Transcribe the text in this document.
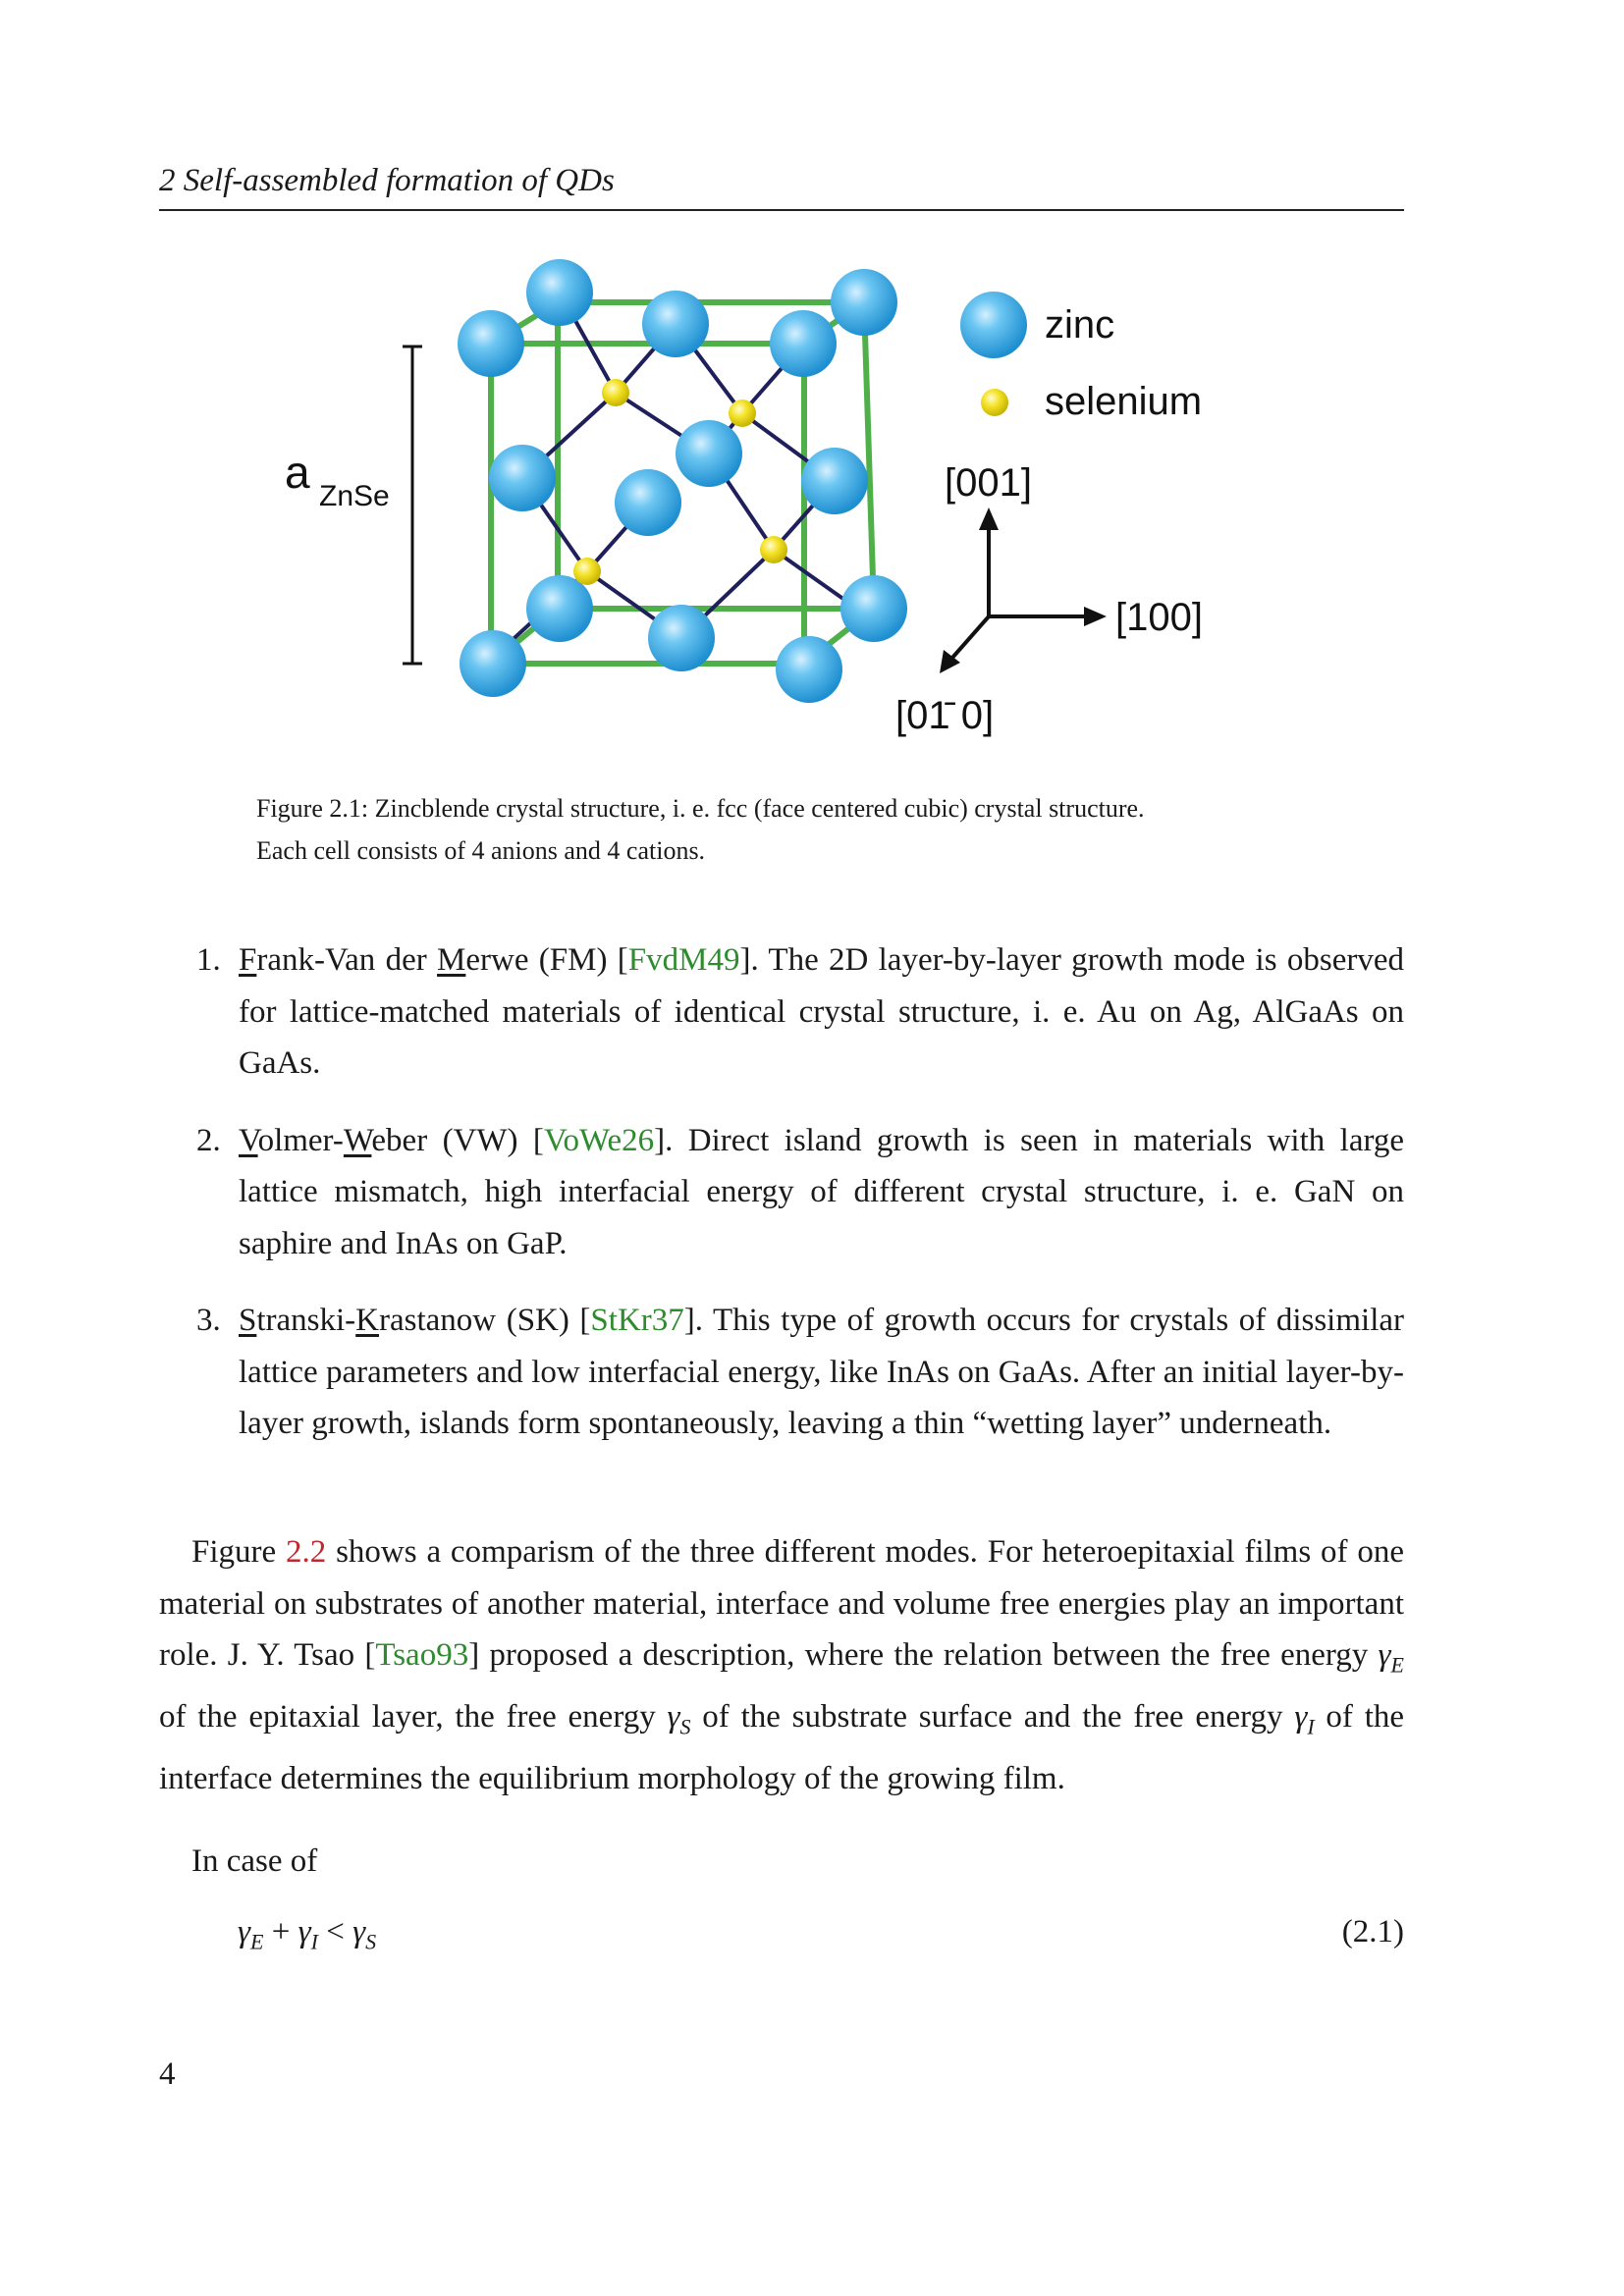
2 Self-assembled formation of QDs
a ZnSe
zinc
selenium
[001]
[100]
[01̄ 0]
Figure 2.1: Zincblende crystal structure, i. e. fcc (face centered cubic) crystal structure.
Each cell consists of 4 anions and 4 cations.
1. Frank-Van der Merwe (FM) [FvdM49]. The 2D layer-by-layer growth mode is observed for lattice-matched materials of identical crystal structure, i. e. Au on Ag, AlGaAs on GaAs.
2. Volmer-Weber (VW) [VoWe26]. Direct island growth is seen in materials with large lattice mismatch, high interfacial energy of different crystal structure, i. e. GaN on saphire and InAs on GaP.
3. Stranski-Krastanow (SK) [StKr37]. This type of growth occurs for crystals of dissimilar lattice parameters and low interfacial energy, like InAs on GaAs. After an initial layer-by-layer growth, islands form spontaneously, leaving a thin “wetting layer” underneath.
Figure 2.2 shows a comparism of the three different modes. For heteroepitaxial films of one material on substrates of another material, interface and volume free energies play an important role. J. Y. Tsao [Tsao93] proposed a description, where the relation between the free energy $\gamma_E$ of the epitaxial layer, the free energy $\gamma_S$ of the substrate surface and the free energy $\gamma_I$ of the interface determines the equilibrium morphology of the growing film.
In case of
$\gamma_E + \gamma_I < \gamma_S$	(2.1)
4
